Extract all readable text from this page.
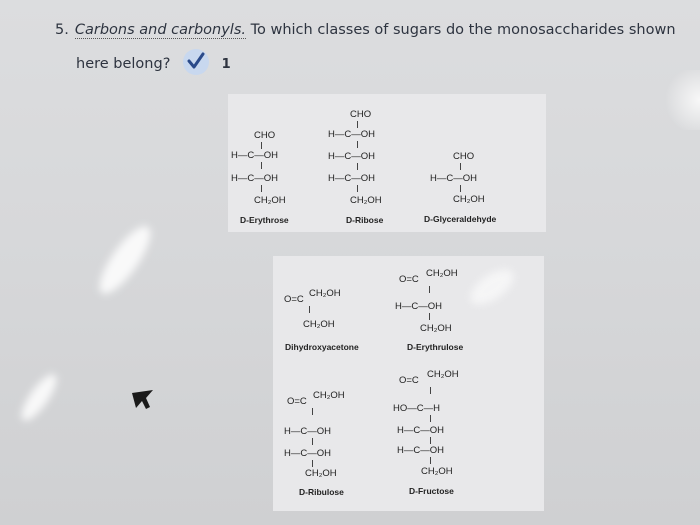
5. Carbons and carbonyls. To which classes of sugars do the monosaccharides shown
here belong?	1
CHO
H—C—OH
H—C—OH
CH₂OH
D-Erythrose
CHO
H—C—OH
H—C—OH
H—C—OH
CH₂OH
D-Ribose
CHO
H—C—OH
CH₂OH
D-Glyceraldehyde
O=C
CH₂OH
CH₂OH
Dihydroxyacetone
O=C
CH₂OH
H—C—OH
CH₂OH
D-Erythrulose
O=C
CH₂OH
H—C—OH
H—C—OH
CH₂OH
D-Ribulose
O=C
CH₂OH
HO—C—H
H—C—OH
H—C—OH
CH₂OH
D-Fructose
